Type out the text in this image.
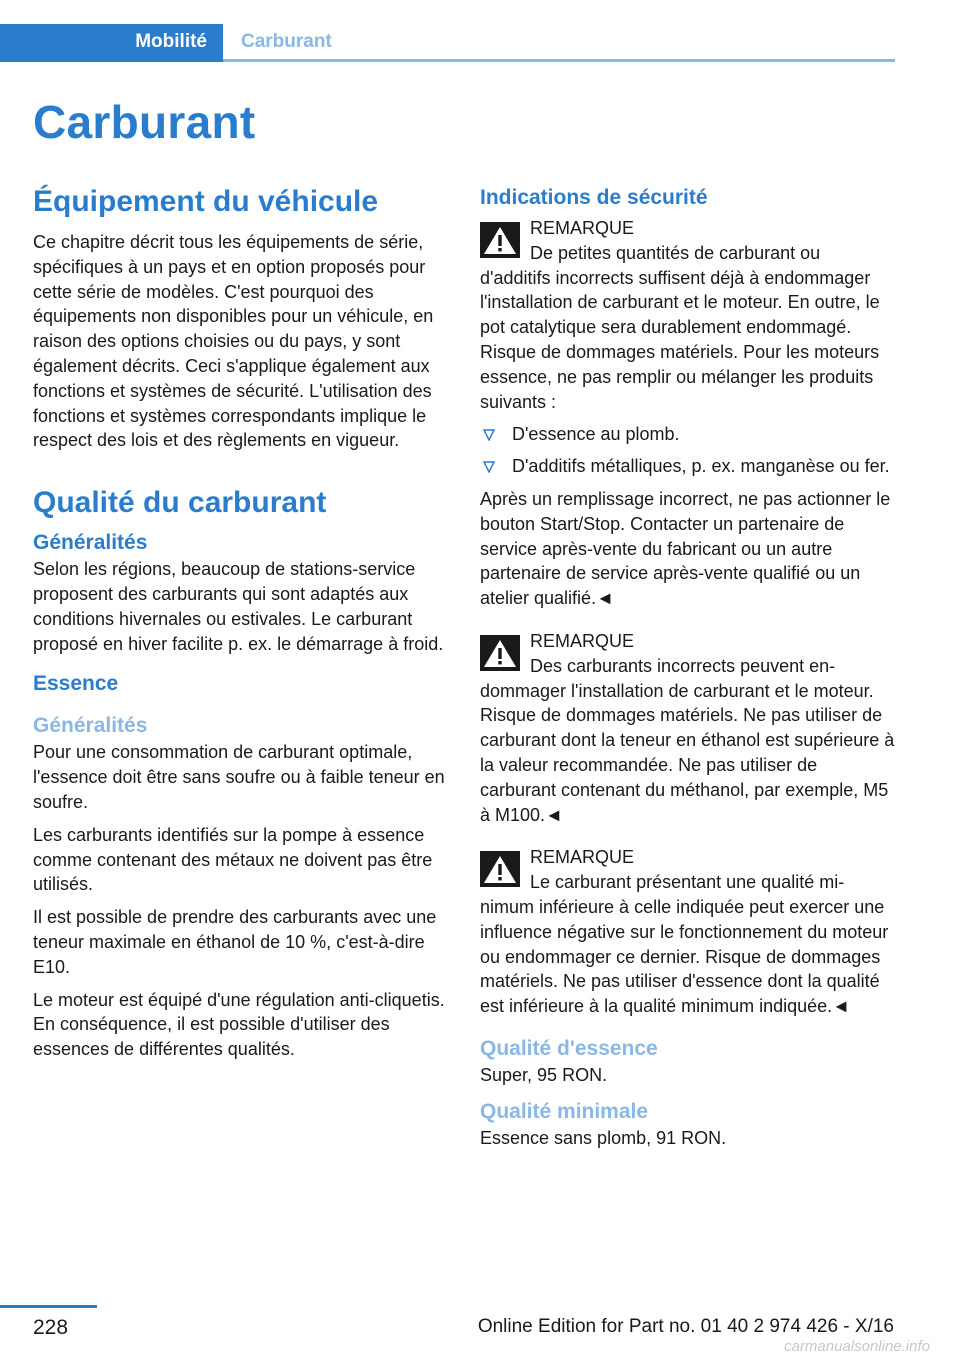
Mobilité Carburant
Carburant
Équipement du véhicule

Ce chapitre décrit tous les équipements de série, spécifiques à un pays et en option proposés pour cette série de modèles. C'est pourquoi des équipements non disponibles pour un véhicule, en raison des options choisies ou du pays, y sont également décrits. Ceci s'applique également aux fonctions et systèmes de sécurité. L'utilisation des fonctions et systèmes correspondants implique le respect des lois et des règlements en vigueur.

Qualité du carburant
Généralités

Selon les régions, beaucoup de stations-service proposent des carburants qui sont adaptés aux conditions hivernales ou estivales. Le carburant proposé en hiver facilite p. ex. le démarrage à froid.

Essence
Généralités

Pour une consommation de carburant optimale, l'essence doit être sans soufre ou à faible teneur en soufre.

Les carburants identifiés sur la pompe à essence comme contenant des métaux ne doivent pas être utilisés.

Il est possible de prendre des carburants avec une teneur maximale en éthanol de 10 %, c'est-à-dire E10.

Le moteur est équipé d'une régulation anti-cliquetis. En conséquence, il est possible d'utiliser des essences de différentes qualités.

Indications de sécurité
REMARQUE
De petites quantités de carburant ou
d'additifs incorrects suffisent déjà à endommager l'installation de carburant et le moteur. En outre, le pot catalytique sera durablement endommagé. Risque de dommages matériels. Pour les moteurs essence, ne pas remplir ou mélanger les produits suivants :
D'essence au plomb.
D'additifs métalliques, p. ex. manganèse ou fer.

Après un remplissage incorrect, ne pas actionner le bouton Start/Stop. Contacter un partenaire de service après-vente du fabricant ou un autre partenaire de service après-vente qualifié ou un atelier qualifié.◄

REMARQUE
Des carburants incorrects peuvent en-
dommager l'installation de carburant et le moteur. Risque de dommages matériels. Ne pas utiliser de carburant dont la teneur en éthanol est supérieure à la valeur recommandée. Ne pas utiliser de carburant contenant du méthanol, par exemple, M5 à M100.◄
REMARQUE
Le carburant présentant une qualité mi-
nimum inférieure à celle indiquée peut exercer une influence négative sur le fonctionnement du moteur ou endommager ce dernier. Risque de dommages matériels. Ne pas utiliser d'essence dont la qualité est inférieure à la qualité minimum indiquée.◄
Qualité d'essence

Super, 95 RON.

Qualité minimale

Essence sans plomb, 91 RON.

228	Online Edition for Part no. 01 40 2 974 426 - X/16
carmanualsonline.info
